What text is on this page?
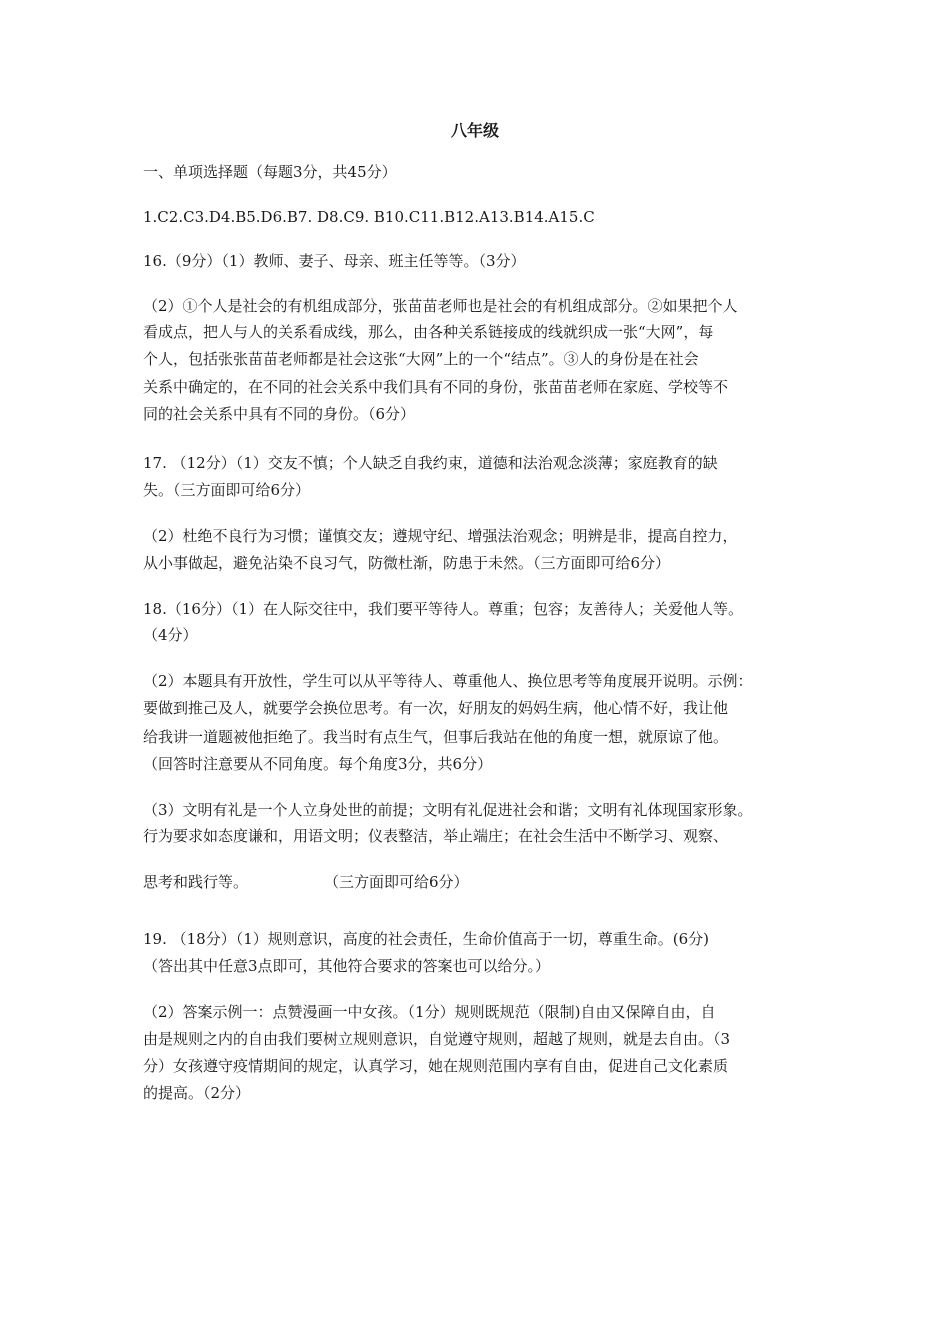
八年级
一、单项选择题（每题3分，共45分）
1.C2.C3.D4.B5.D6.B7. D8.C9. B10.C11.B12.A13.B14.A15.C
16.（9分）（1）教师、妻子、母亲、班主任等等。（3分）
（2）①个人是社会的有机组成部分，张苗苗老师也是社会的有机组成部分。②如果把个人
看成点，把人与人的关系看成线，那么，由各种关系链接成的线就织成一张“大网”，每
个人，包括张张苗苗老师都是社会这张“大网”上的一个“结点”。③人的身份是在社会
关系中确定的，在不同的社会关系中我们具有不同的身份，张苗苗老师在家庭、学校等不
同的社会关系中具有不同的身份。（6分）
17. （12分）（1）交友不慎；个人缺乏自我约束，道德和法治观念淡薄；家庭教育的缺
失。（三方面即可给6分）
（2）杜绝不良行为习惯；谨慎交友；遵规守纪、增强法治观念；明辨是非，提高自控力，
从小事做起，避免沾染不良习气，防微杜渐，防患于未然。（三方面即可给6分）
18.（16分）（1）在人际交往中，我们要平等待人。尊重；包容；友善待人；关爱他人等。
（4分）
（2）本题具有开放性，学生可以从平等待人、尊重他人、换位思考等角度展开说明。示例：
要做到推己及人，就要学会换位思考。有一次，好朋友的妈妈生病，他心情不好，我让他
给我讲一道题被他拒绝了。我当时有点生气，但事后我站在他的角度一想，就原谅了他。
（回答时注意要从不同角度。每个角度3分，共6分）
（3）文明有礼是一个人立身处世的前提；文明有礼促进社会和谐；文明有礼体现国家形象。
行为要求如态度谦和，用语文明；仪表整洁，举止端庄；在社会生活中不断学习、观察、
思考和践行等。	（三方面即可给6分）
19. （18分）（1）规则意识，高度的社会责任，生命价值高于一切，尊重生命。(6分)
（答出其中任意3点即可，其他符合要求的答案也可以给分。）
（2）答案示例一：点赞漫画一中女孩。（1分）规则既规范（限制)自由又保障自由，自
由是规则之内的自由我们要树立规则意识，自觉遵守规则，超越了规则，就是去自由。（3
分）女孩遵守疫情期间的规定，认真学习，她在规则范围内享有自由，促进自己文化素质
的提高。（2分）
